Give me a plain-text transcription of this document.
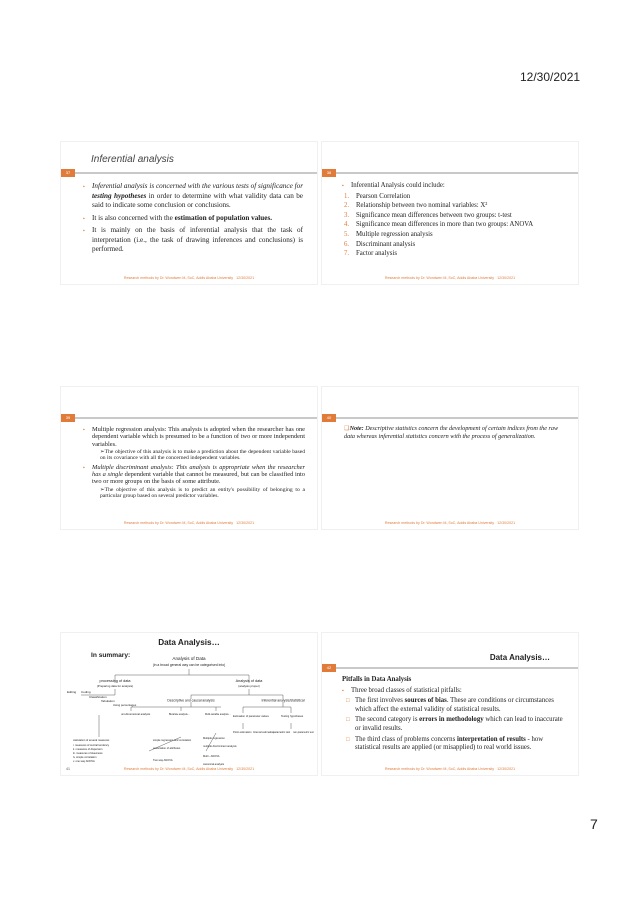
12/30/2021
Inferential analysis
37
▪ Inferential analysis is concerned with the various tests of significance for testing hypotheses in order to determine with what validity data can be said to indicate some conclusion or conclusions.
▪ It is also concerned with the estimation of population values.
▪ It is mainly on the basis of inferential analysis that the task of interpretation (i.e., the task of drawing inferences and conclusions) is performed.
Research methods by Dr. Wondwen M.,SoC, Addis Ababa University 12/30/2021
38
▪ Inferential Analysis could include:
1. Pearson Correlation
2. Relationship between two nominal variables: X²
3. Significance mean differences between two groups: t-test
4. Significance mean differences in more than two groups: ANOVA
5. Multiple regression analysis
6. Discriminant analysis
7. Factor analysis
Research methods by Dr. Wondwen M.,SoC, Addis Ababa University 12/30/2021
39
▪ Multiple regression analysis: This analysis is adopted when the researcher has one dependent variable which is presumed to be a function of two or more independent variables.
➢The objective of this analysis is to make a prediction about the dependent variable based on its covariance with all the concerned independent variables.
▪ Multiple discriminant analysis: This analysis is appropriate when the researcher has a single dependent variable that cannot be measured, but can be classified into two or more groups on the basis of some attribute.
➢The objective of this analysis is to predict an entity's possibility of belonging to a particular group based on several predictor variables.
Research methods by Dr. Wondwen M.,SoC, Addis Ababa University 12/30/2021
40
❑Note: Descriptive statistics concern the development of certain indices from the raw data whereas inferential statistics concern with the process of generalization.
Research methods by Dr. Wondwen M.,SoC, Addis Ababa University 12/30/2021
Data Analysis…
In summary:	Analysis of Data
(in a broad general way can be categorised into)
processing of data
(Preparing data for analysis)
Analysis of data
(analysis proper)
Editing Coding
Classification
Tabulation
Using percentages
Descriptive and causal analysis	Inferential analysis/statistical
uni-dimensional analysis	Bivariate analysis...	Multi-variable analysis...
Estimation of parameter values	Testing hypotheses
Point estimation Interval estimation
parametric test non-parametric test
calculation of several measures
i. measures of central tendency
ii. measures of dispersion
iii. measures of skewness
iv. simple correlation
v. one way ANOVA
simple regression and correlation
association of attributes
Two way ANOVA
Multiple regression
multiple discriminant analysis
Multi - ANOVA
canonical analysis
41	Research methods by Dr. Wondwen M.,SoC, Addis Ababa University 12/30/2021
Data Analysis…
42
Pitfalls in Data Analysis
▪ Three broad classes of statistical pitfalls:
□ The first involves sources of bias. These are conditions or circumstances which affect the external validity of statistical results.
□ The second category is errors in methodology which can lead to inaccurate or invalid results.
□ The third class of problems concerns interpretation of results - how statistical results are applied (or misapplied) to real world issues.
Research methods by Dr. Wondwen M.,SoC, Addis Ababa University 12/30/2021
7
